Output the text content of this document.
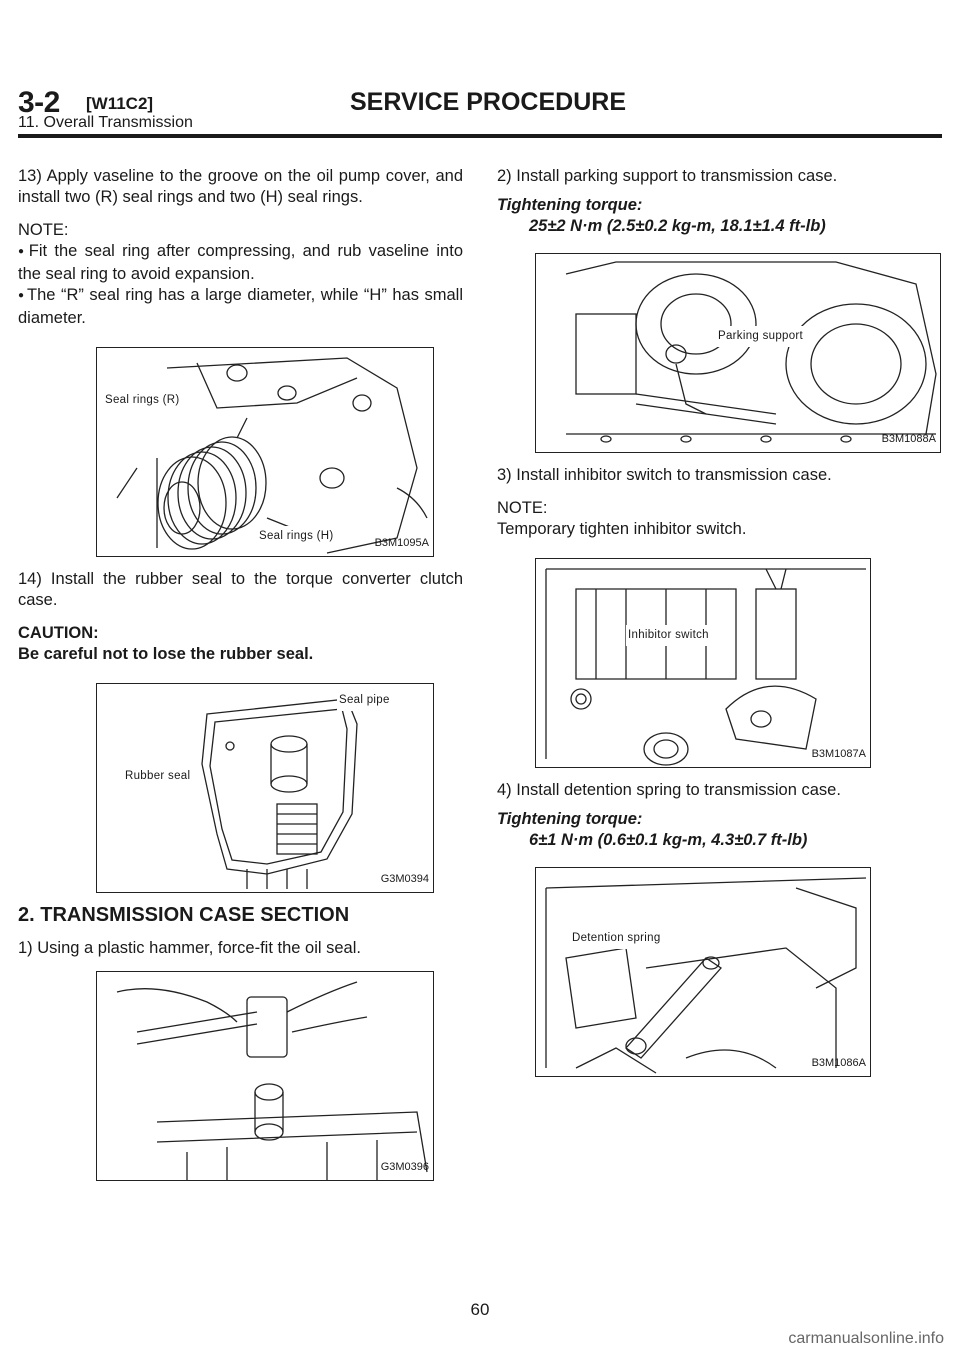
3-2 [W11C2]	SERVICE PROCEDURE
11. Overall Transmission

13) Apply vaseline to the groove on the oil pump cover, and install two (R) seal rings and two (H) seal rings.

NOTE:
● Fit the seal ring after compressing, and rub vaseline into the seal ring to avoid expansion.
● The “R” seal ring has a large diameter, while “H” has small diameter.
Seal rings (R)
Seal rings (H)
B3M1095A

14) Install the rubber seal to the torque converter clutch case.

CAUTION:

Be careful not to lose the rubber seal.

Seal pipe
Rubber seal
G3M0394
2. TRANSMISSION CASE SECTION

1) Using a plastic hammer, force-fit the oil seal.

G3M0396

2) Install parking support to transmission case.

Tightening torque:

25±2 N·m (2.5±0.2 kg-m, 18.1±1.4 ft-lb)

Parking support
B3M1088A

3) Install inhibitor switch to transmission case.

NOTE:

Temporary tighten inhibitor switch.

Inhibitor switch
B3M1087A

4) Install detention spring to transmission case.

Tightening torque:

6±1 N·m (0.6±0.1 kg-m, 4.3±0.7 ft-lb)

Detention spring
B3M1086A
60
carmanualsonline.info
